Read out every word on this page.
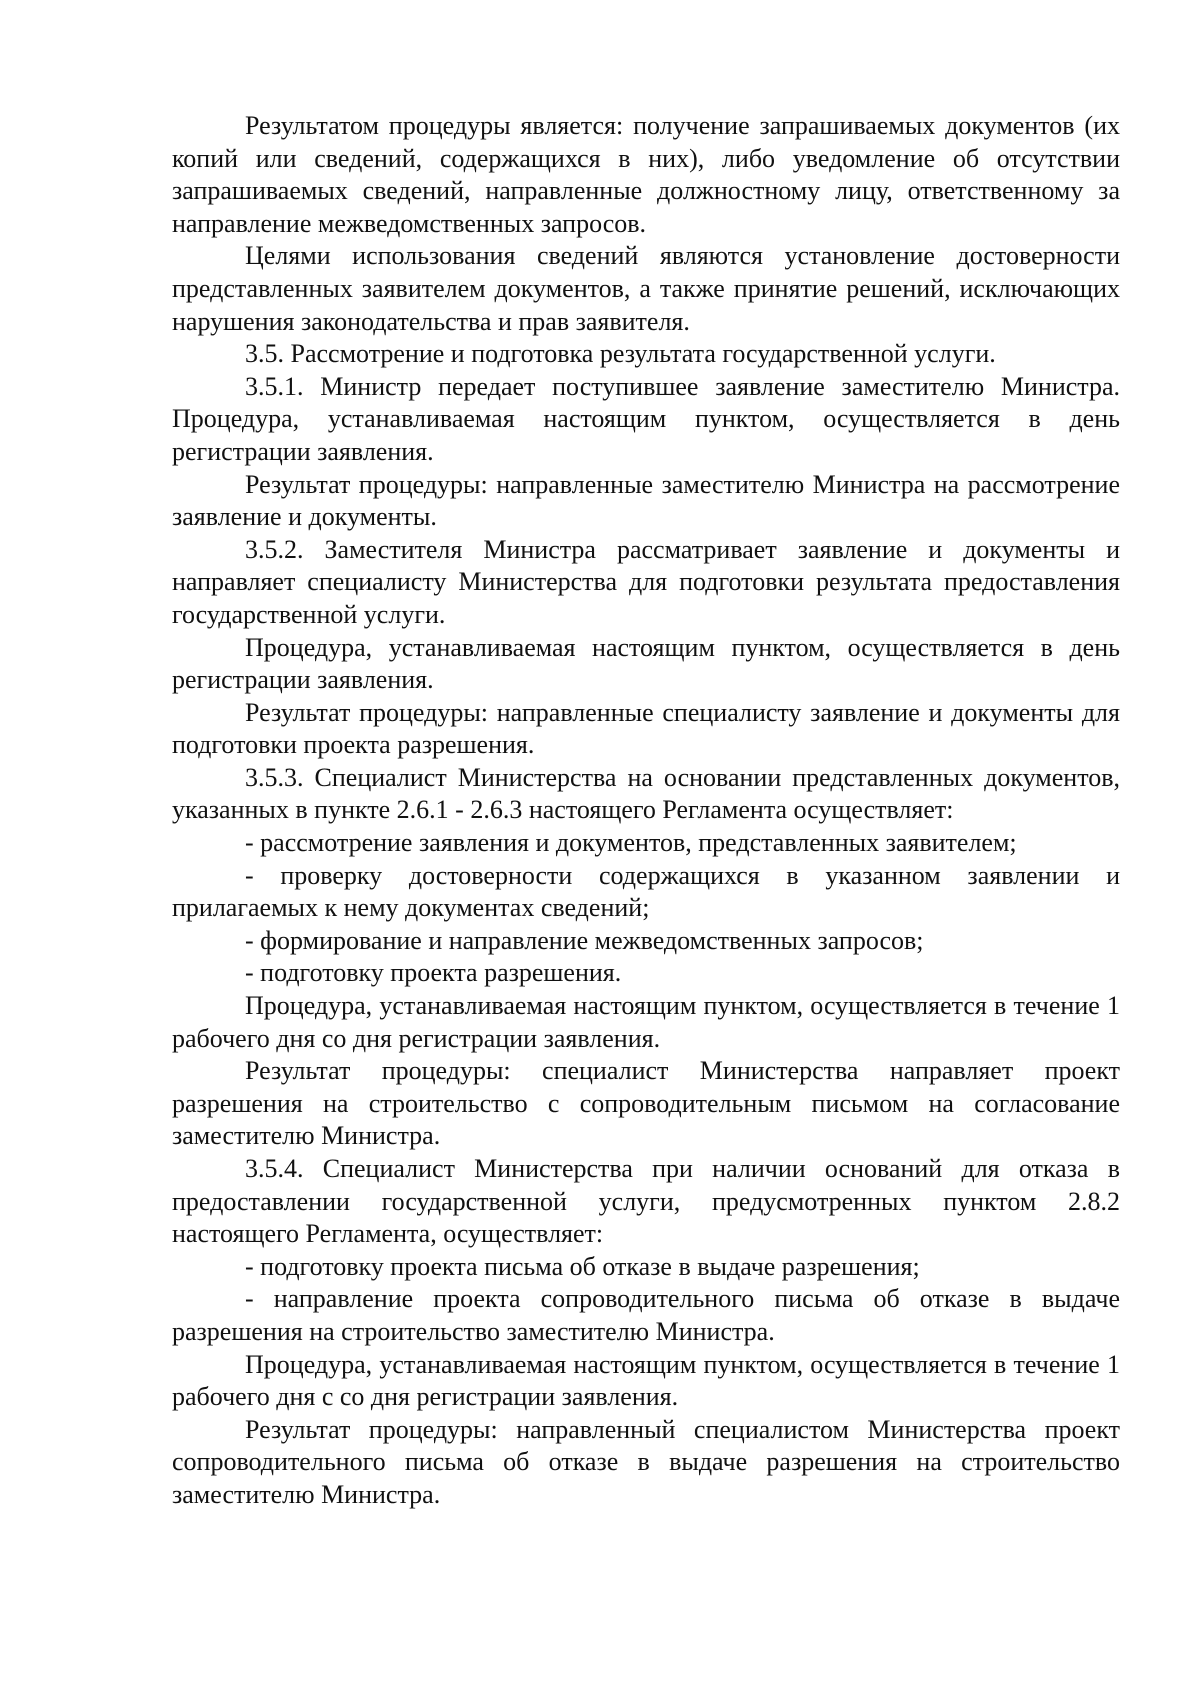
Результатом процедуры является: получение запрашиваемых документов (их копий или сведений, содержащихся в них), либо уведомление об отсутствии запрашиваемых сведений, направленные должностному лицу, ответственному за направление межведомственных запросов.

Целями использования сведений являются установление достоверности представленных заявителем документов, а также принятие решений, исключающих нарушения законодательства и прав заявителя.

3.5. Рассмотрение и подготовка результата государственной услуги.

3.5.1. Министр передает поступившее заявление заместителю Министра. Процедура, устанавливаемая настоящим пунктом, осуществляется в день регистрации заявления.

Результат процедуры: направленные заместителю Министра на рассмотрение заявление и документы.

3.5.2. Заместителя Министра рассматривает заявление и документы и направляет специалисту Министерства для подготовки результата предоставления государственной услуги.

Процедура, устанавливаемая настоящим пунктом, осуществляется в день регистрации заявления.

Результат процедуры: направленные специалисту заявление и документы для подготовки проекта разрешения.

3.5.3. Специалист Министерства на основании представленных документов, указанных в пункте 2.6.1 - 2.6.3 настоящего Регламента осуществляет:

- рассмотрение заявления и документов, представленных заявителем;

- проверку достоверности содержащихся в указанном заявлении и прилагаемых к нему документах сведений;

- формирование и направление межведомственных запросов;

- подготовку проекта разрешения.

Процедура, устанавливаемая настоящим пунктом, осуществляется в течение 1 рабочего дня со дня регистрации заявления.

Результат процедуры: специалист Министерства направляет проект разрешения на строительство с сопроводительным письмом на согласование заместителю Министра.

3.5.4. Специалист Министерства при наличии оснований для отказа в предоставлении государственной услуги, предусмотренных пунктом 2.8.2 настоящего Регламента, осуществляет:

- подготовку проекта письма об отказе в выдаче разрешения;

- направление проекта сопроводительного письма об отказе в выдаче разрешения на строительство заместителю Министра.

Процедура, устанавливаемая настоящим пунктом, осуществляется в течение 1 рабочего дня с со дня регистрации заявления.

Результат процедуры: направленный специалистом Министерства проект сопроводительного письма об отказе в выдаче разрешения на строительство заместителю Министра.
